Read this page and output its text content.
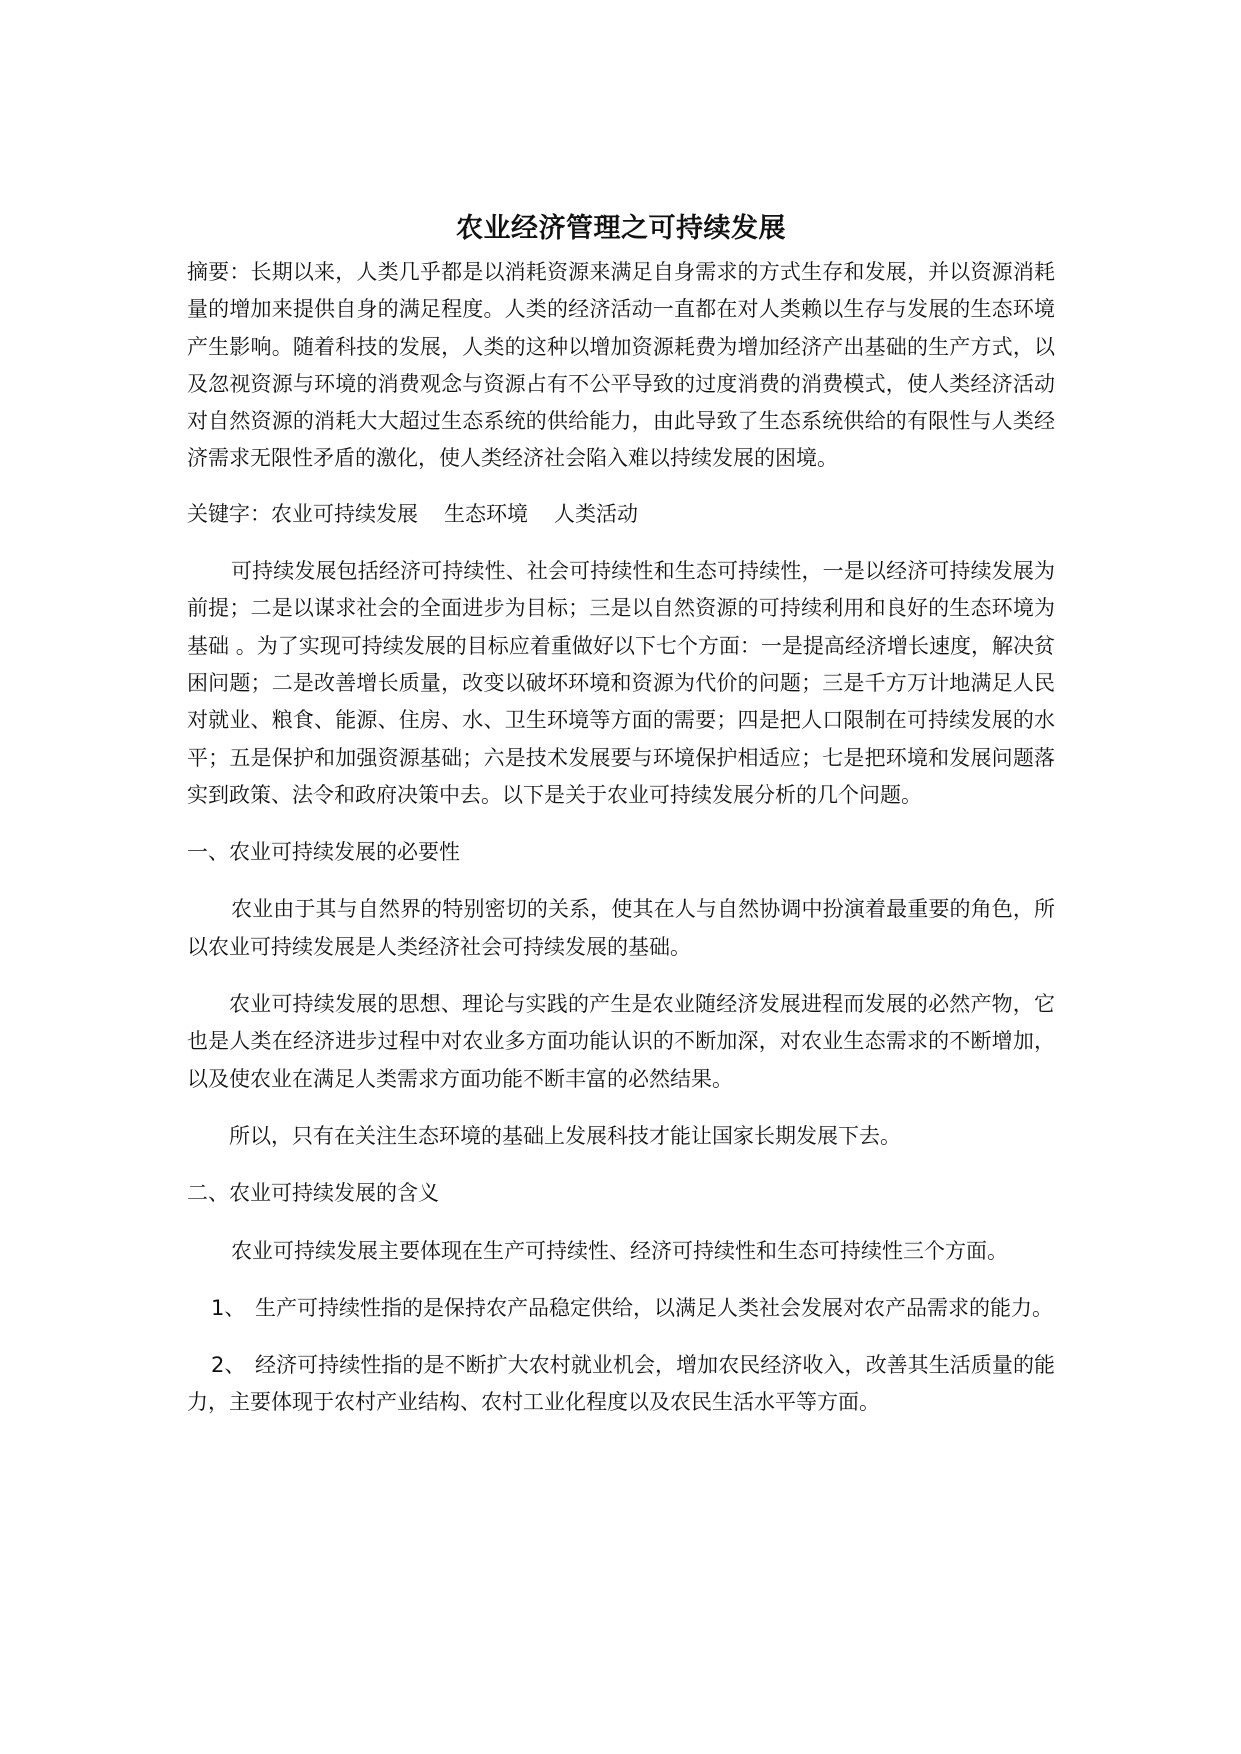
农业经济管理之可持续发展

摘要：长期以来，人类几乎都是以消耗资源来满足自身需求的方式生存和发展，并以资源消耗量的增加来提供自身的满足程度。人类的经济活动一直都在对人类赖以生存与发展的生态环境产生影响。随着科技的发展，人类的这种以增加资源耗费为增加经济产出基础的生产方式，以及忽视资源与环境的消费观念与资源占有不公平导致的过度消费的消费模式，使人类经济活动对自然资源的消耗大大超过生态系统的供给能力，由此导致了生态系统供给的有限性与人类经济需求无限性矛盾的激化，使人类经济社会陷入难以持续发展的困境。

关键字：农业可持续发展 生态环境 人类活动

可持续发展包括经济可持续性、社会可持续性和生态可持续性，一是以经济可持续发展为前提；二是以谋求社会的全面进步为目标；三是以自然资源的可持续利用和良好的生态环境为基础 。为了实现可持续发展的目标应着重做好以下七个方面：一是提高经济增长速度，解决贫困问题；二是改善增长质量，改变以破坏环境和资源为代价的问题；三是千方万计地满足人民对就业、粮食、能源、住房、水、卫生环境等方面的需要；四是把人口限制在可持续发展的水平；五是保护和加强资源基础；六是技术发展要与环境保护相适应；七是把环境和发展问题落实到政策、法令和政府决策中去。以下是关于农业可持续发展分析的几个问题。

一、农业可持续发展的必要性

农业由于其与自然界的特别密切的关系，使其在人与自然协调中扮演着最重要的角色，所以农业可持续发展是人类经济社会可持续发展的基础。

农业可持续发展的思想、理论与实践的产生是农业随经济发展进程而发展的必然产物，它也是人类在经济进步过程中对农业多方面功能认识的不断加深，对农业生态需求的不断增加，以及使农业在满足人类需求方面功能不断丰富的必然结果。

所以，只有在关注生态环境的基础上发展科技才能让国家长期发展下去。

二、农业可持续发展的含义

农业可持续发展主要体现在生产可持续性、经济可持续性和生态可持续性三个方面。

1、 生产可持续性指的是保持农产品稳定供给，以满足人类社会发展对农产品需求的能力。

2、 经济可持续性指的是不断扩大农村就业机会，增加农民经济收入，改善其生活质量的能力，主要体现于农村产业结构、农村工业化程度以及农民生活水平等方面。
